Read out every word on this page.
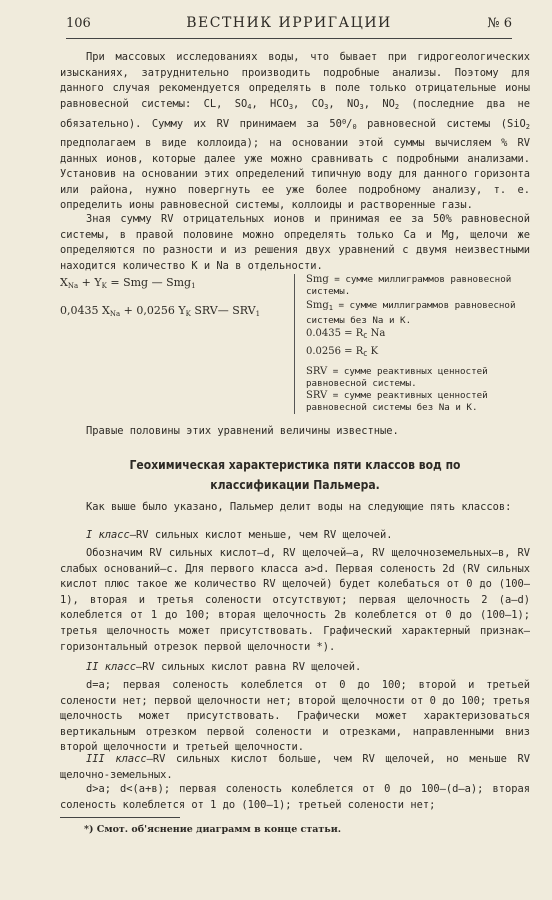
106	ВЕСТНИК ИРРИГАЦИИ	№ 6

При массовых исследованиях воды, что бывает при гидрогеологических изысканиях, затруднительно производить подробные анализы. Поэтому для данного случая рекомендуется определять в поле только отрицательные ионы равновесной системы: CL, $SO_4$, $HCO_3$, $CO_3$, $NO_3$, $NO_2$ (последние два не обязательно). Сумму их RV принимаем за $50^0/_0$ равновесной системы (SiO$_2$ предполагаем в виде коллоида); на основании этой суммы вычисляем % RV данных ионов, которые далее уже можно сравнивать с подробными анализами. Установив на основании этих определений типичную воду для данного горизонта или района, нужно повергнуть ее уже более подробному анализу, т. е. определить ионы равновесной системы, коллоиды и растворенные газы.

Зная сумму RV отрицательных ионов и принимая ее за 50% равновесной системы, в правой половине можно определять только Ca и Mg, щелочи же определяются по разности и из решения двух уравнений с двумя неизвестными находится количество K и Na в отдельности.

$X_{Na} + Y_K$ = Smg — Smg$_1$
0,0435 $X_{Na} + 0,0256$ $Y_K$ SRV— $SRV_1$

Smg = сумме миллиграммов равновесной системы.

Smg$_1$ = сумме миллиграммов равновесной системы без Na и K.

$0.0435 = R_C$ Na

$0.0256 = R_C$ K

SRV = сумме реактивных ценностей равновесной системы.

SRV = сумме реактивных ценностей равновесной системы без Na и K.

Правые половины этих уравнений величины известные.

Геохимическая характеристика пяти классов вод по классификации Пальмера.

Как выше было указано, Пальмер делит воды на следующие пять классов:

I класс—RV сильных кислот меньше, чем RV щелочей.

Обозначим RV сильных кислот—d, RV щелочей—a, RV щелочноземельных—в, RV слабых оснований—c. Для первого класса a>d. Первая соленость 2d (RV сильных кислот плюс такое же количество RV щелочей) будет колебаться от 0 до (100—1), вторая и третья солености отсутствуют; первая щелочность 2 (a—d) колеблется от 1 до 100; вторая щелочность 2в колеблется от 0 до (100—1); третья щелочность может присутствовать. Графический характерный признак—горизонтальный отрезок первой щелочности *).

II класс—RV сильных кислот равна RV щелочей.

d=a; первая соленость колеблется от 0 до 100; второй и третьей солености нет; первой щелочности нет; второй щелочности от 0 до 100; третья щелочность может присутствовать. Графически может характеризоваться вертикальным отрезком первой солености и отрезками, направленными вниз второй щелочности и третьей щелочности.

III класс—RV сильных кислот больше, чем RV щелочей, но меньше RV щелочно-земельных.

d>a; d<(a+в); первая соленость колеблется от 0 до 100—(d—a); вторая соленость колеблется от 1 до (100—1); третьей солености нет;

*) Смот. об'яснение диаграмм в конце статьи.
